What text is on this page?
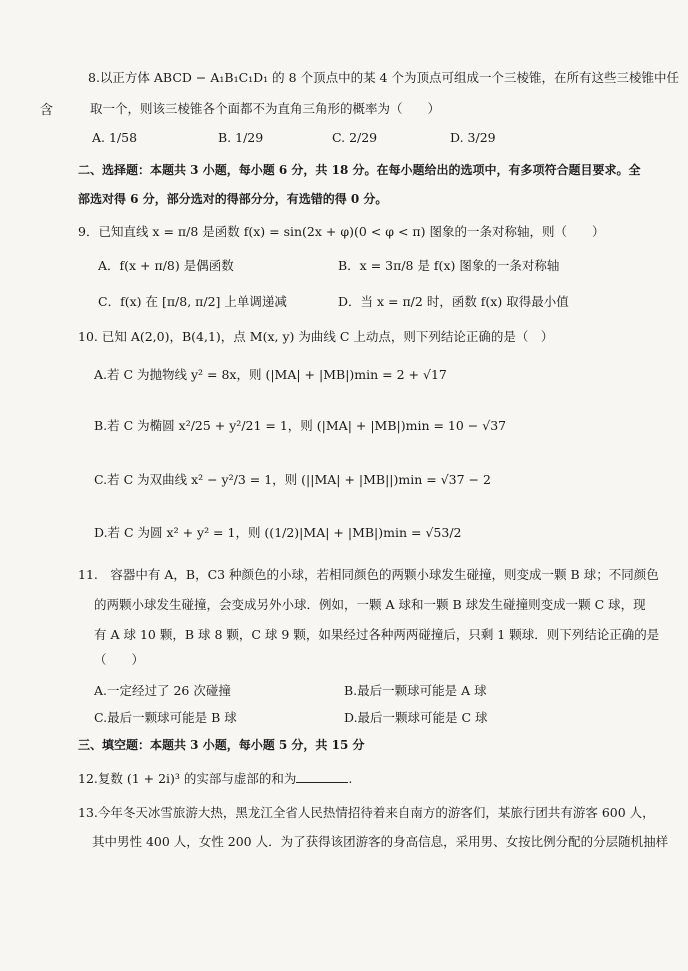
含
8.以正方体 ABCD − A₁B₁C₁D₁ 的 8 个顶点中的某 4 个为顶点可组成一个三棱锥，在所有这些三棱锥中任
取一个，则该三棱锥各个面都不为直角三角形的概率为（　　）
A. 1/58	B. 1/29	C. 2/29	D. 3/29
二、选择题：本题共 3 小题，每小题 6 分，共 18 分。在每小题给出的选项中，有多项符合题目要求。全
部选对得 6 分，部分选对的得部分分，有选错的得 0 分。
9．已知直线 x = π/8 是函数 f(x) = sin(2x + φ)(0 < φ < π) 图象的一条对称轴，则（　　）
A．f(x + π/8) 是偶函数	B．x = 3π/8 是 f(x) 图象的一条对称轴
C．f(x) 在 [π/8, π/2] 上单调递减	D．当 x = π/2 时，函数 f(x) 取得最小值
10. 已知 A(2,0)，B(4,1)，点 M(x, y) 为曲线 C 上动点，则下列结论正确的是（　）
A.若 C 为抛物线 y² = 8x，则 (|MA| + |MB|)min = 2 + √17
B.若 C 为椭圆 x²/25 + y²/21 = 1，则 (|MA| + |MB|)min = 10 − √37
C.若 C 为双曲线 x² − y²/3 = 1，则 (||MA| + |MB||)min = √37 − 2
D.若 C 为圆 x² + y² = 1，则 ((1/2)|MA| + |MB|)min = √53/2
11.　容器中有 A，B，C3 种颜色的小球，若相同颜色的两颗小球发生碰撞，则变成一颗 B 球；不同颜色
的两颗小球发生碰撞，会变成另外小球．例如，一颗 A 球和一颗 B 球发生碰撞则变成一颗 C 球，现
有 A 球 10 颗，B 球 8 颗，C 球 9 颗，如果经过各种两两碰撞后，只剩 1 颗球．则下列结论正确的是
（　　）
A.一定经过了 26 次碰撞	B.最后一颗球可能是 A 球
C.最后一颗球可能是 B 球	D.最后一颗球可能是 C 球
三、填空题：本题共 3 小题，每小题 5 分，共 15 分
12.复数 (1 + 2i)³ 的实部与虚部的和为	.
13.今年冬天冰雪旅游大热，黑龙江全省人民热情招待着来自南方的游客们，某旅行团共有游客 600 人，
其中男性 400 人，女性 200 人．为了获得该团游客的身高信息，采用男、女按比例分配的分层随机抽样
